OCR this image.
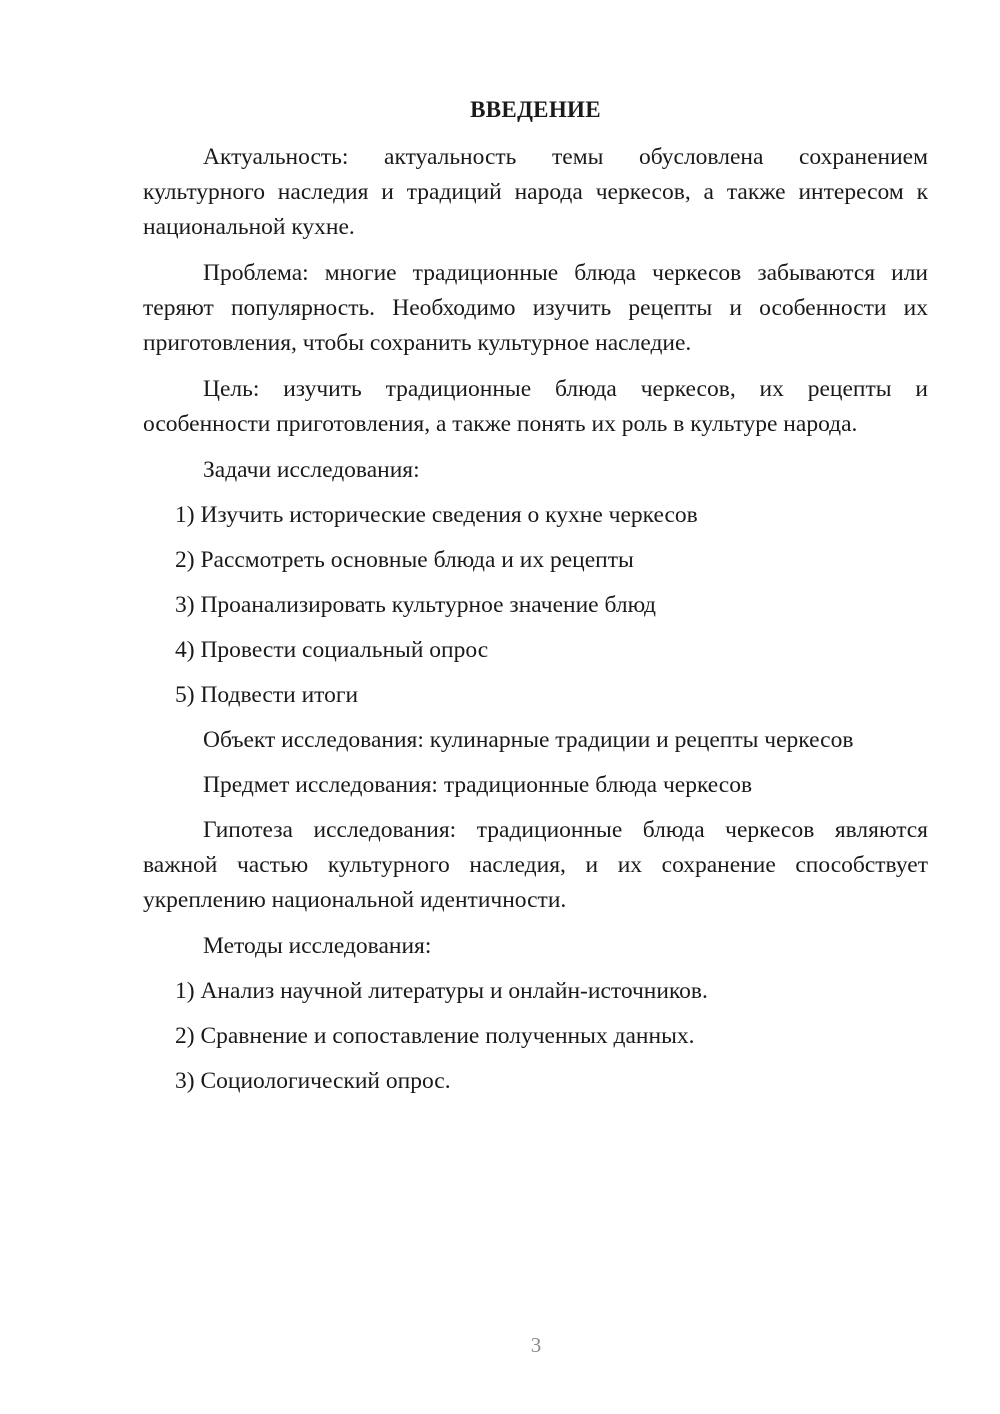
ВВЕДЕНИЕ

Актуальность: актуальность темы обусловлена сохранением культурного наследия и традиций народа черкесов, а также интересом к национальной кухне.

Проблема: многие традиционные блюда черкесов забываются или теряют популярность. Необходимо изучить рецепты и особенности их приготовления, чтобы сохранить культурное наследие.

Цель: изучить традиционные блюда черкесов, их рецепты и особенности приготовления, а также понять их роль в культуре народа.

Задачи исследования:

1) Изучить исторические сведения о кухне черкесов
2) Рассмотреть основные блюда и их рецепты
3) Проанализировать культурное значение блюд
4) Провести социальный опрос
5) Подвести итоги

Объект исследования: кулинарные традиции и рецепты черкесов

Предмет исследования: традиционные блюда черкесов

Гипотеза исследования: традиционные блюда черкесов являются важной частью культурного наследия, и их сохранение способствует укреплению национальной идентичности.

Методы исследования:

1) Анализ научной литературы и онлайн-источников.
2) Сравнение и сопоставление полученных данных.
3) Социологический опрос.
3
